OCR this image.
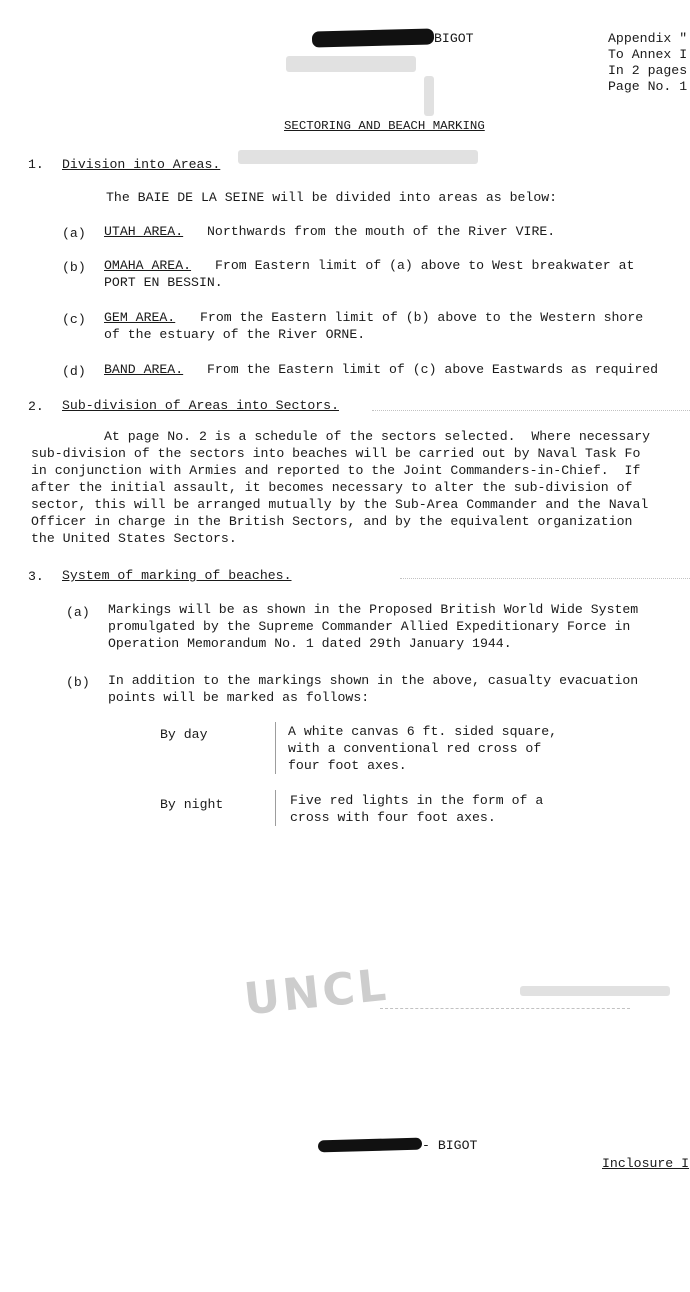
BIGOT	Appendix "
To Annex I
In 2 pages
Page No. 1
SECTORING AND BEACH MARKING
1. Division into Areas.
The BAIE DE LA SEINE will be divided into areas as below:
(a) UTAH AREA. Northwards from the mouth of the River VIRE.
(b) OMAHA AREA. From Eastern limit of (a) above to West breakwater at
PORT EN BESSIN.
(c) GEM AREA. From the Eastern limit of (b) above to the Western shore
of the estuary of the River ORNE.
(d) BAND AREA. From the Eastern limit of (c) above Eastwards as required
2. Sub-division of Areas into Sectors.
At page No. 2 is a schedule of the sectors selected.  Where necessary
sub-division of the sectors into beaches will be carried out by Naval Task Fo
in conjunction with Armies and reported to the Joint Commanders-in-Chief.  If
after the initial assault, it becomes necessary to alter the sub-division of
sector, this will be arranged mutually by the Sub-Area Commander and the Naval
Officer in charge in the British Sectors, and by the equivalent organization
the United States Sectors.
3. System of marking of beaches.
(a) Markings will be as shown in the Proposed British World Wide System
promulgated by the Supreme Commander Allied Expeditionary Force in
Operation Memorandum No. 1 dated 29th January 1944.
(b) In addition to the markings shown in the above, casualty evacuation
points will be marked as follows:
By day	A white canvas 6 ft. sided square,
with a conventional red cross of
four foot axes.
By night	Five red lights in the form of a
cross with four foot axes.
UNCL
- BIGOT
Inclosure I
